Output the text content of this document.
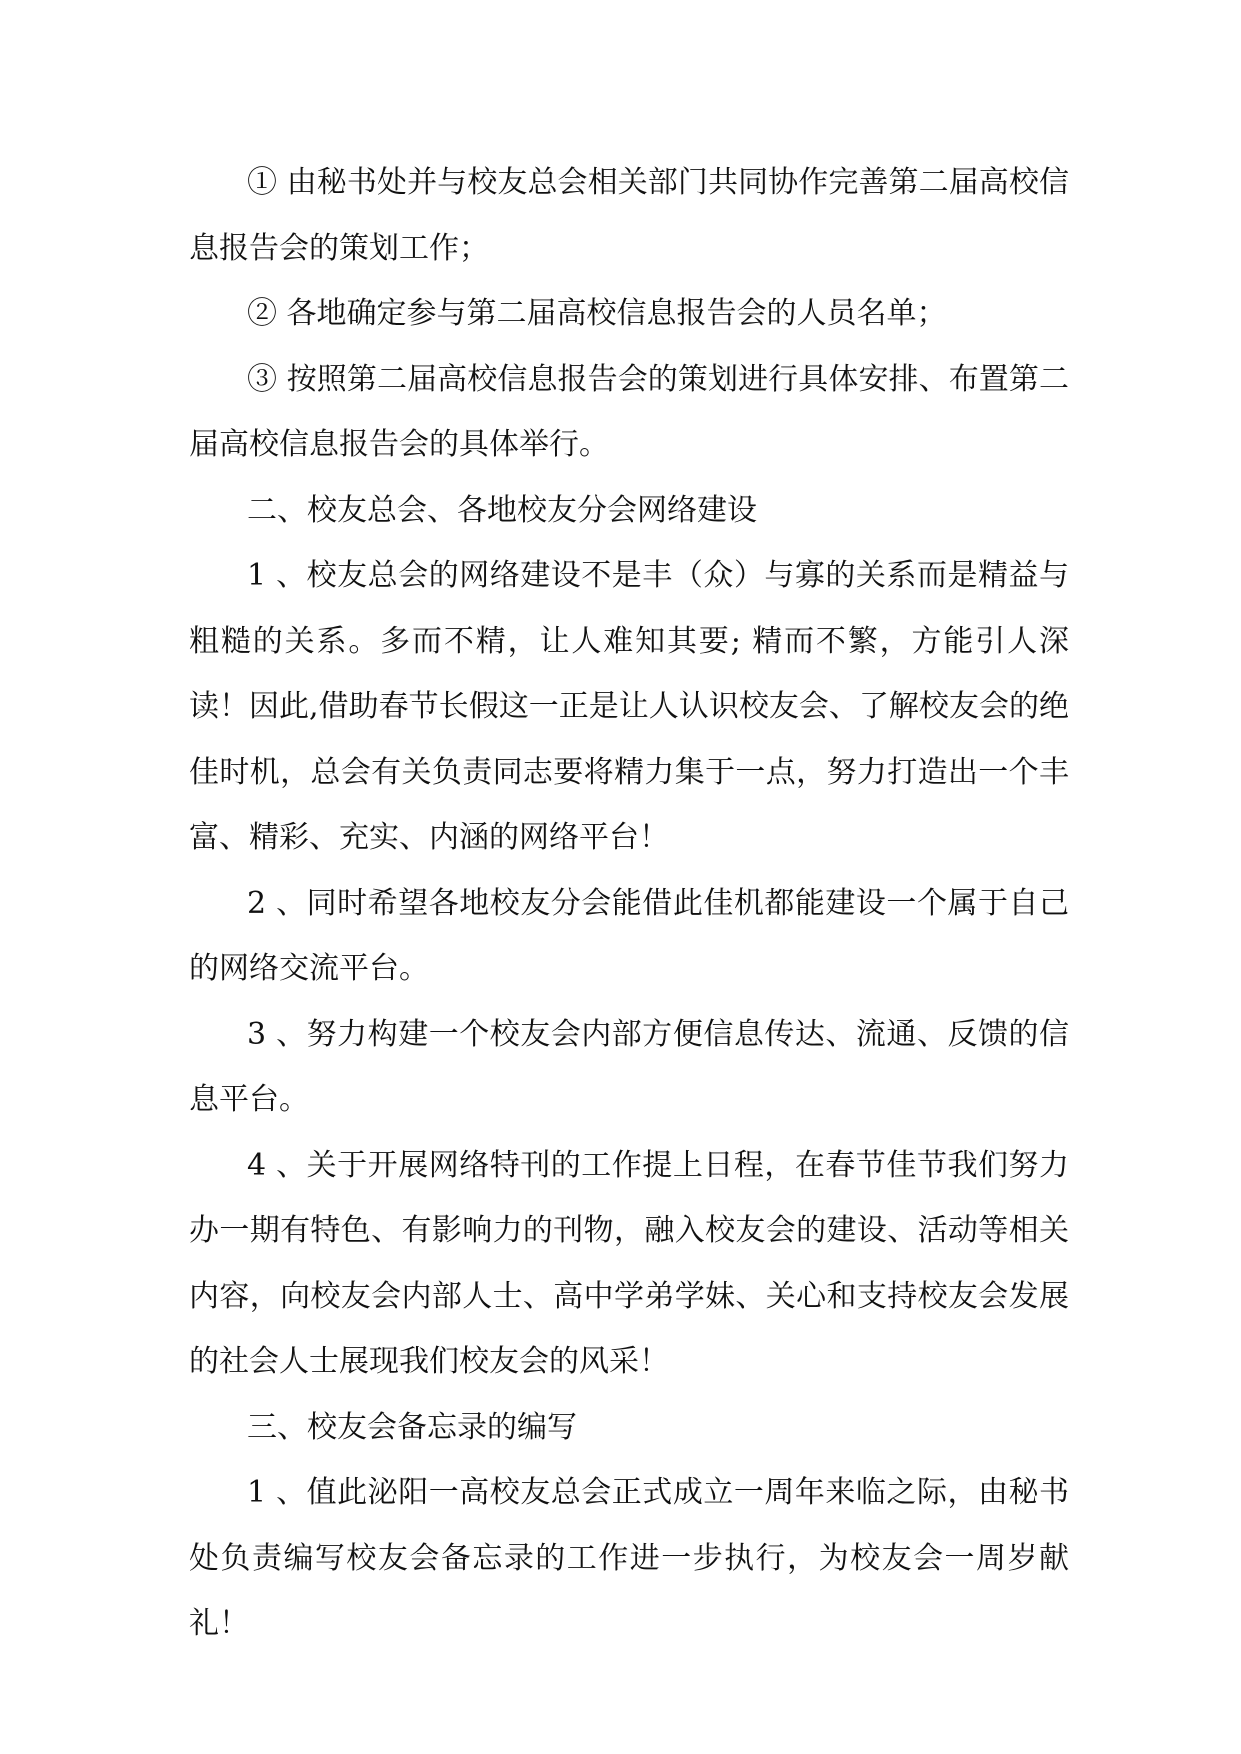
① 由秘书处并与校友总会相关部门共同协作完善第二届高校信息报告会的策划工作；

② 各地确定参与第二届高校信息报告会的人员名单；

③ 按照第二届高校信息报告会的策划进行具体安排、布置第二届高校信息报告会的具体举行。

二、校友总会、各地校友分会网络建设

1 、校友总会的网络建设不是丰（众）与寡的关系而是精益与粗糙的关系。多而不精，让人难知其要; 精而不繁，方能引人深读！因此,借助春节长假这一正是让人认识校友会、了解校友会的绝佳时机，总会有关负责同志要将精力集于一点，努力打造出一个丰富、精彩、充实、内涵的网络平台！

2 、同时希望各地校友分会能借此佳机都能建设一个属于自己的网络交流平台。

3 、努力构建一个校友会内部方便信息传达、流通、反馈的信息平台。

4 、关于开展网络特刊的工作提上日程，在春节佳节我们努力办一期有特色、有影响力的刊物，融入校友会的建设、活动等相关内容，向校友会内部人士、高中学弟学妹、关心和支持校友会发展的社会人士展现我们校友会的风采！

三、校友会备忘录的编写

1 、值此泌阳一高校友总会正式成立一周年来临之际，由秘书处负责编写校友会备忘录的工作进一步执行，为校友会一周岁献礼！
